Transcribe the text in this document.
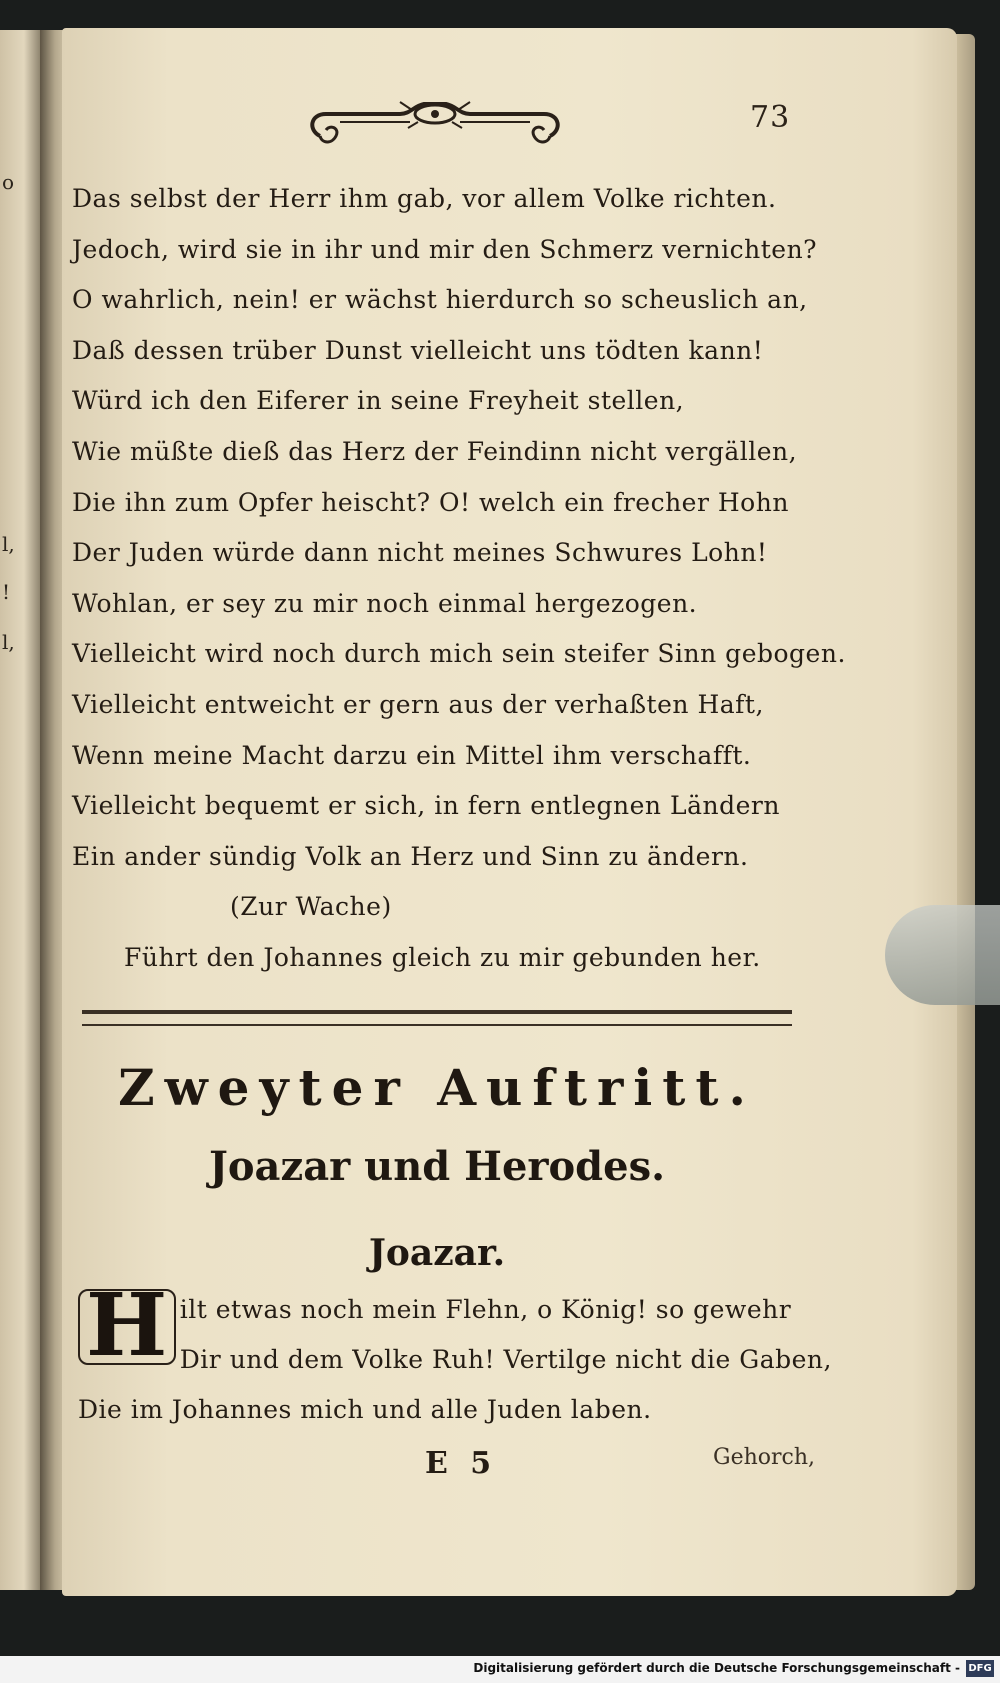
o
l,
!
l,
73
Das selbst der Herr ihm gab, vor allem Volke richten.
Jedoch, wird sie in ihr und mir den Schmerz vernichten?
O wahrlich, nein! er wächst hierdurch so scheuslich an,
Daß dessen trüber Dunst vielleicht uns tödten kann!
Würd ich den Eiferer in seine Freyheit stellen,
Wie müßte dieß das Herz der Feindinn nicht vergällen,
Die ihn zum Opfer heischt? O! welch ein frecher Hohn
Der Juden würde dann nicht meines Schwures Lohn!
Wohlan, er sey zu mir noch einmal hergezogen.
Vielleicht wird noch durch mich sein steifer Sinn gebogen.
Vielleicht entweicht er gern aus der verhaßten Haft,
Wenn meine Macht darzu ein Mittel ihm verschafft.
Vielleicht bequemt er sich, in fern entlegnen Ländern
Ein ander sündig Volk an Herz und Sinn zu ändern.
(Zur Wache)
Führt den Johannes gleich zu mir gebunden her.
Zweyter Auftritt.
Joazar und Herodes.
Joazar.
H ilt etwas noch mein Flehn, o König! so gewehr
Dir und dem Volke Ruh! Vertilge nicht die Gaben,
Die im Johannes mich und alle Juden laben.
E 5	Gehorch,
Digitalisierung gefördert durch die Deutsche Forschungsgemeinschaft - DFG
